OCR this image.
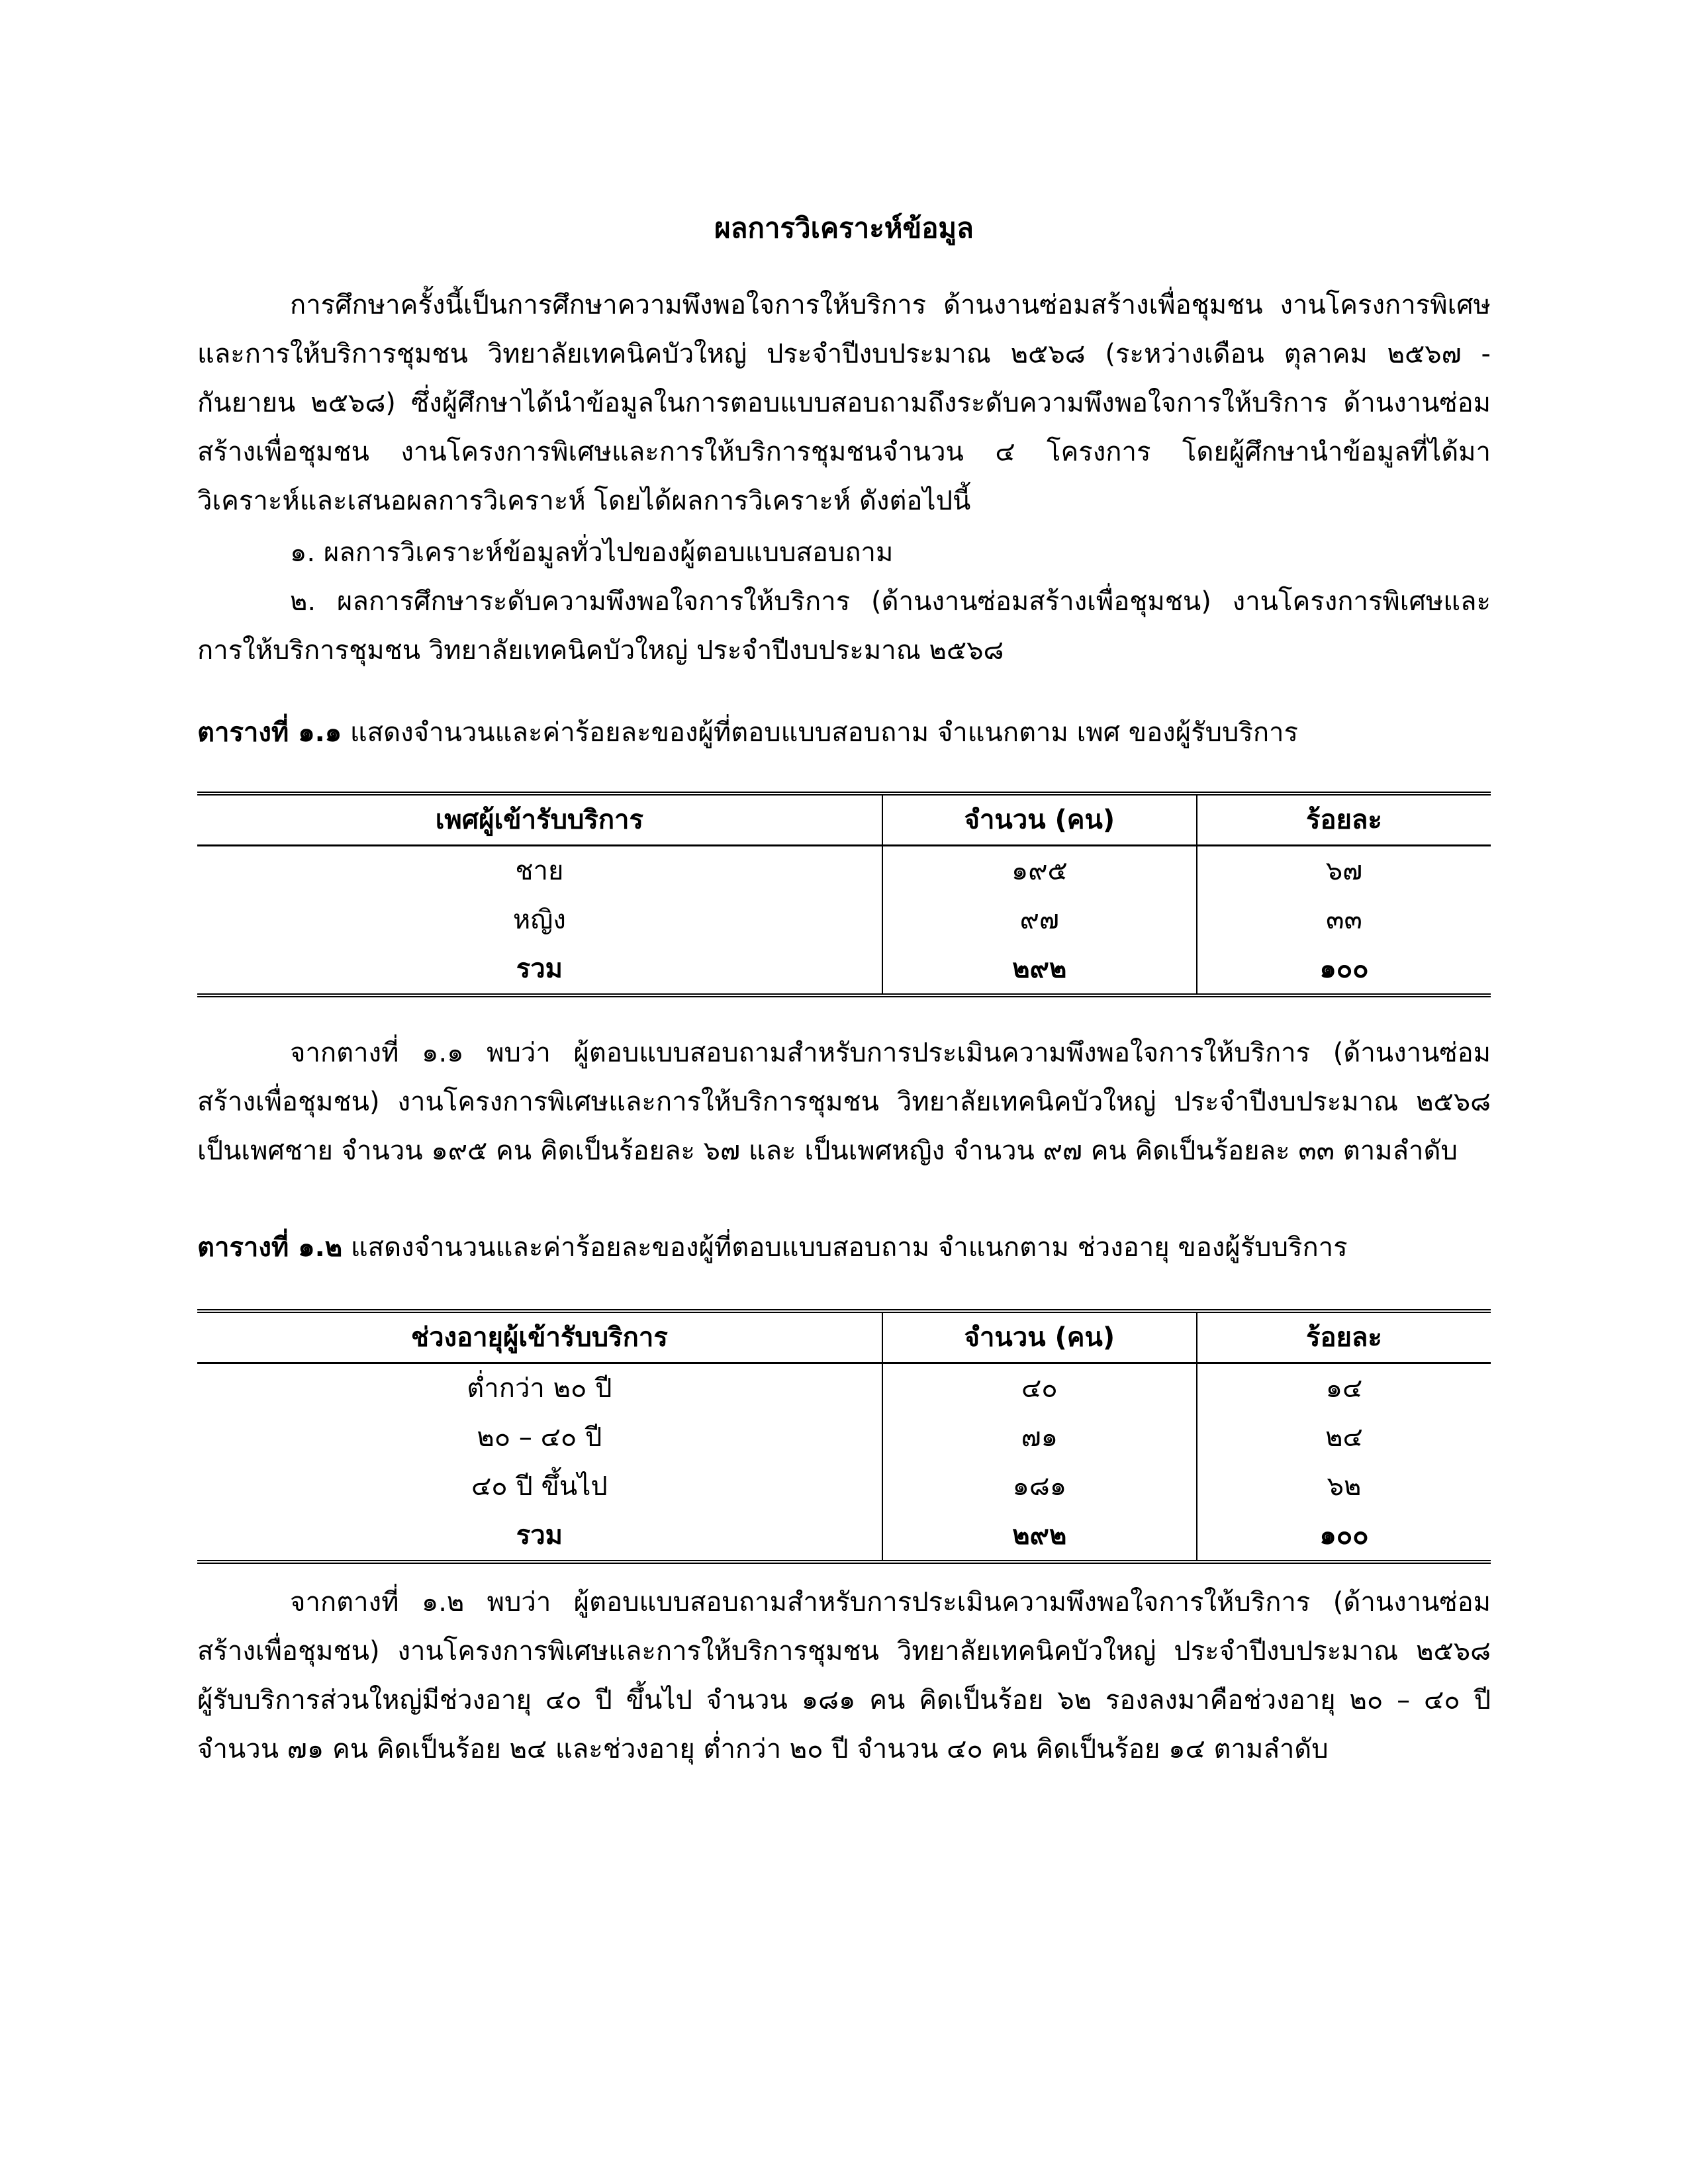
ผลการวิเคราะห์ข้อมูล

การศึกษาครั้งนี้เป็นการศึกษาความพึงพอใจการให้บริการ ด้านงานซ่อมสร้างเพื่อชุมชน งานโครงการพิเศษและการให้บริการชุมชน วิทยาลัยเทคนิคบัวใหญ่ ประจำปีงบประมาณ ๒๕๖๘ (ระหว่างเดือน ตุลาคม ๒๕๖๗ - กันยายน ๒๕๖๘) ซึ่งผู้ศึกษาได้นำข้อมูลในการตอบแบบสอบถามถึงระดับความพึงพอใจการให้บริการ ด้านงานซ่อมสร้างเพื่อชุมชน งานโครงการพิเศษและการให้บริการชุมชนจำนวน ๔ โครงการ โดยผู้ศึกษานำข้อมูลที่ได้มาวิเคราะห์และเสนอผลการวิเคราะห์ โดยได้ผลการวิเคราะห์ ดังต่อไปนี้

๑. ผลการวิเคราะห์ข้อมูลทั่วไปของผู้ตอบแบบสอบถาม

๒. ผลการศึกษาระดับความพึงพอใจการให้บริการ (ด้านงานซ่อมสร้างเพื่อชุมชน) งานโครงการพิเศษและการให้บริการชุมชน วิทยาลัยเทคนิคบัวใหญ่ ประจำปีงบประมาณ ๒๕๖๘

ตารางที่ ๑.๑ แสดงจำนวนและค่าร้อยละของผู้ที่ตอบแบบสอบถาม จำแนกตาม เพศ ของผู้รับบริการ

เพศผู้เข้ารับบริการ	จำนวน (คน)	ร้อยละ
ชาย	๑๙๕	๖๗
หญิง	๙๗	๓๓
รวม	๒๙๒	๑๐๐

จากตางที่ ๑.๑ พบว่า ผู้ตอบแบบสอบถามสำหรับการประเมินความพึงพอใจการให้บริการ (ด้านงานซ่อมสร้างเพื่อชุมชน) งานโครงการพิเศษและการให้บริการชุมชน วิทยาลัยเทคนิคบัวใหญ่ ประจำปีงบประมาณ ๒๕๖๘ เป็นเพศชาย จำนวน ๑๙๕ คน คิดเป็นร้อยละ ๖๗ และ เป็นเพศหญิง จำนวน ๙๗ คน คิดเป็นร้อยละ ๓๓ ตามลำดับ

ตารางที่ ๑.๒ แสดงจำนวนและค่าร้อยละของผู้ที่ตอบแบบสอบถาม จำแนกตาม ช่วงอายุ ของผู้รับบริการ

ช่วงอายุผู้เข้ารับบริการ	จำนวน (คน)	ร้อยละ
ต่ำกว่า ๒๐ ปี	๔๐	๑๔
๒๐ – ๔๐ ปี	๗๑	๒๔
๔๐ ปี ขึ้นไป	๑๘๑	๖๒
รวม	๒๙๒	๑๐๐

จากตางที่ ๑.๒ พบว่า ผู้ตอบแบบสอบถามสำหรับการประเมินความพึงพอใจการให้บริการ (ด้านงานซ่อมสร้างเพื่อชุมชน) งานโครงการพิเศษและการให้บริการชุมชน วิทยาลัยเทคนิคบัวใหญ่ ประจำปีงบประมาณ ๒๕๖๘ ผู้รับบริการส่วนใหญ่มีช่วงอายุ ๔๐ ปี ขึ้นไป จำนวน ๑๘๑ คน คิดเป็นร้อย ๖๒ รองลงมาคือช่วงอายุ ๒๐ – ๔๐ ปี จำนวน ๗๑ คน คิดเป็นร้อย ๒๔ และช่วงอายุ ต่ำกว่า ๒๐ ปี จำนวน ๔๐ คน คิดเป็นร้อย ๑๔ ตามลำดับ
